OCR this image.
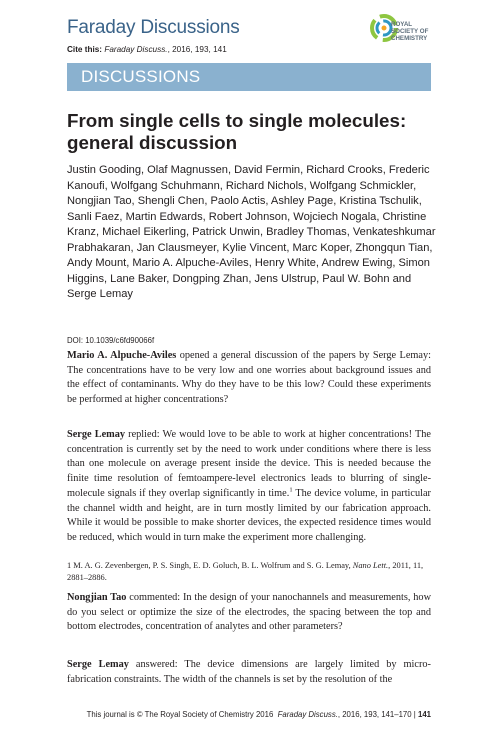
Faraday Discussions
Cite this: Faraday Discuss., 2016, 193, 141
ROYAL SOCIETY OF CHEMISTRY
DISCUSSIONS
From single cells to single molecules: general discussion
Justin Gooding, Olaf Magnussen, David Fermin, Richard Crooks, Frederic Kanoufi, Wolfgang Schuhmann, Richard Nichols, Wolfgang Schmickler, Nongjian Tao, Shengli Chen, Paolo Actis, Ashley Page, Kristina Tschulik, Sanli Faez, Martin Edwards, Robert Johnson, Wojciech Nogala, Christine Kranz, Michael Eikerling, Patrick Unwin, Bradley Thomas, Venkateshkumar Prabhakaran, Jan Clausmeyer, Kylie Vincent, Marc Koper, Zhongqun Tian, Andy Mount, Mario A. Alpuche-Aviles, Henry White, Andrew Ewing, Simon Higgins, Lane Baker, Dongping Zhan, Jens Ulstrup, Paul W. Bohn and Serge Lemay
DOI: 10.1039/c6fd90066f
Mario A. Alpuche-Aviles opened a general discussion of the papers by Serge Lemay: The concentrations have to be very low and one worries about background issues and the effect of contaminants. Why do they have to be this low? Could these experiments be performed at higher concentrations?
Serge Lemay replied: We would love to be able to work at higher concentrations! The concentration is currently set by the need to work under conditions where there is less than one molecule on average present inside the device. This is needed because the finite time resolution of femtoampere-level electronics leads to blurring of single-molecule signals if they overlap significantly in time.$^1$ The device volume, in particular the channel width and height, are in turn mostly limited by our fabrication approach. While it would be possible to make shorter devices, the expected residence times would be reduced, which would in turn make the experiment more challenging.
1 M. A. G. Zevenbergen, P. S. Singh, E. D. Goluch, B. L. Wolfrum and S. G. Lemay, Nano Lett., 2011, 11, 2881–2886.
Nongjian Tao commented: In the design of your nanochannels and measurements, how do you select or optimize the size of the electrodes, the spacing between the top and bottom electrodes, concentration of analytes and other parameters?
Serge Lemay answered: The device dimensions are largely limited by micro-fabrication constraints. The width of the channels is set by the resolution of the
This journal is © The Royal Society of Chemistry 2016 Faraday Discuss., 2016, 193, 141–170 | 141
